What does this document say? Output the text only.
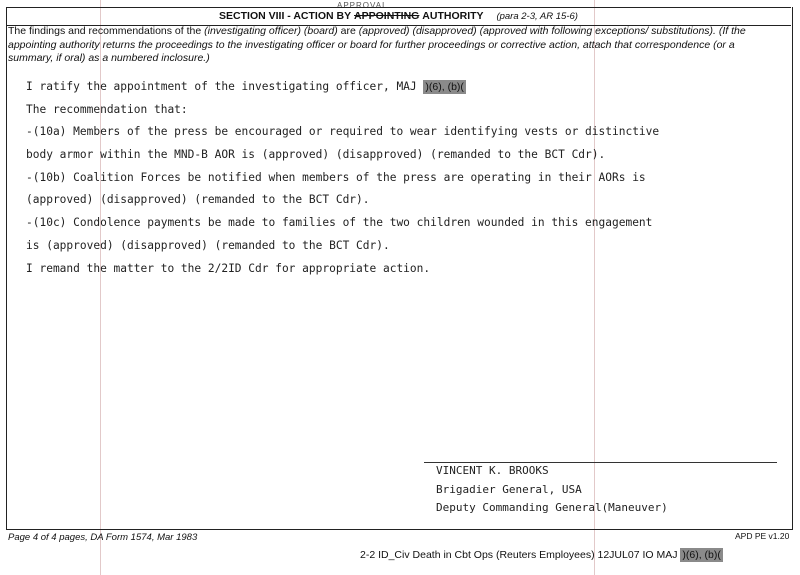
APPROVAL
SECTION VIII - ACTION BY APPOINTING AUTHORITY (para 2-3, AR 15-6)
The findings and recommendations of the (investigating officer) (board) are (approved) (disapproved) (approved with following exceptions/ substitutions). (If the appointing authority returns the proceedings to the investigating officer or board for further proceedings or corrective action, attach that correspondence (or a summary, if oral) as a numbered inclosure.)
I ratify the appointment of the investigating officer, MAJ )(6), (b)(
The recommendation that:
-(10a) Members of the press be encouraged or required to wear identifying vests or distinctive
body armor within the MND-B AOR is (approved) (disapproved) (remanded to the BCT Cdr).
-(10b) Coalition Forces be notified when members of the press are operating in their AORs is
(approved) (disapproved) (remanded to the BCT Cdr).
-(10c) Condolence payments be made to families of the two children wounded in this engagement
is (approved) (disapproved) (remanded to the BCT Cdr).
I remand the matter to the 2/2ID Cdr for appropriate action.
VINCENT K. BROOKS
Brigadier General, USA
Deputy Commanding General(Maneuver)
Page 4 of 4 pages, DA Form 1574, Mar 1983	APD PE v1.20
2-2 ID_Civ Death in Cbt Ops (Reuters Employees) 12JUL07 IO MAJ )(6), (b)(
